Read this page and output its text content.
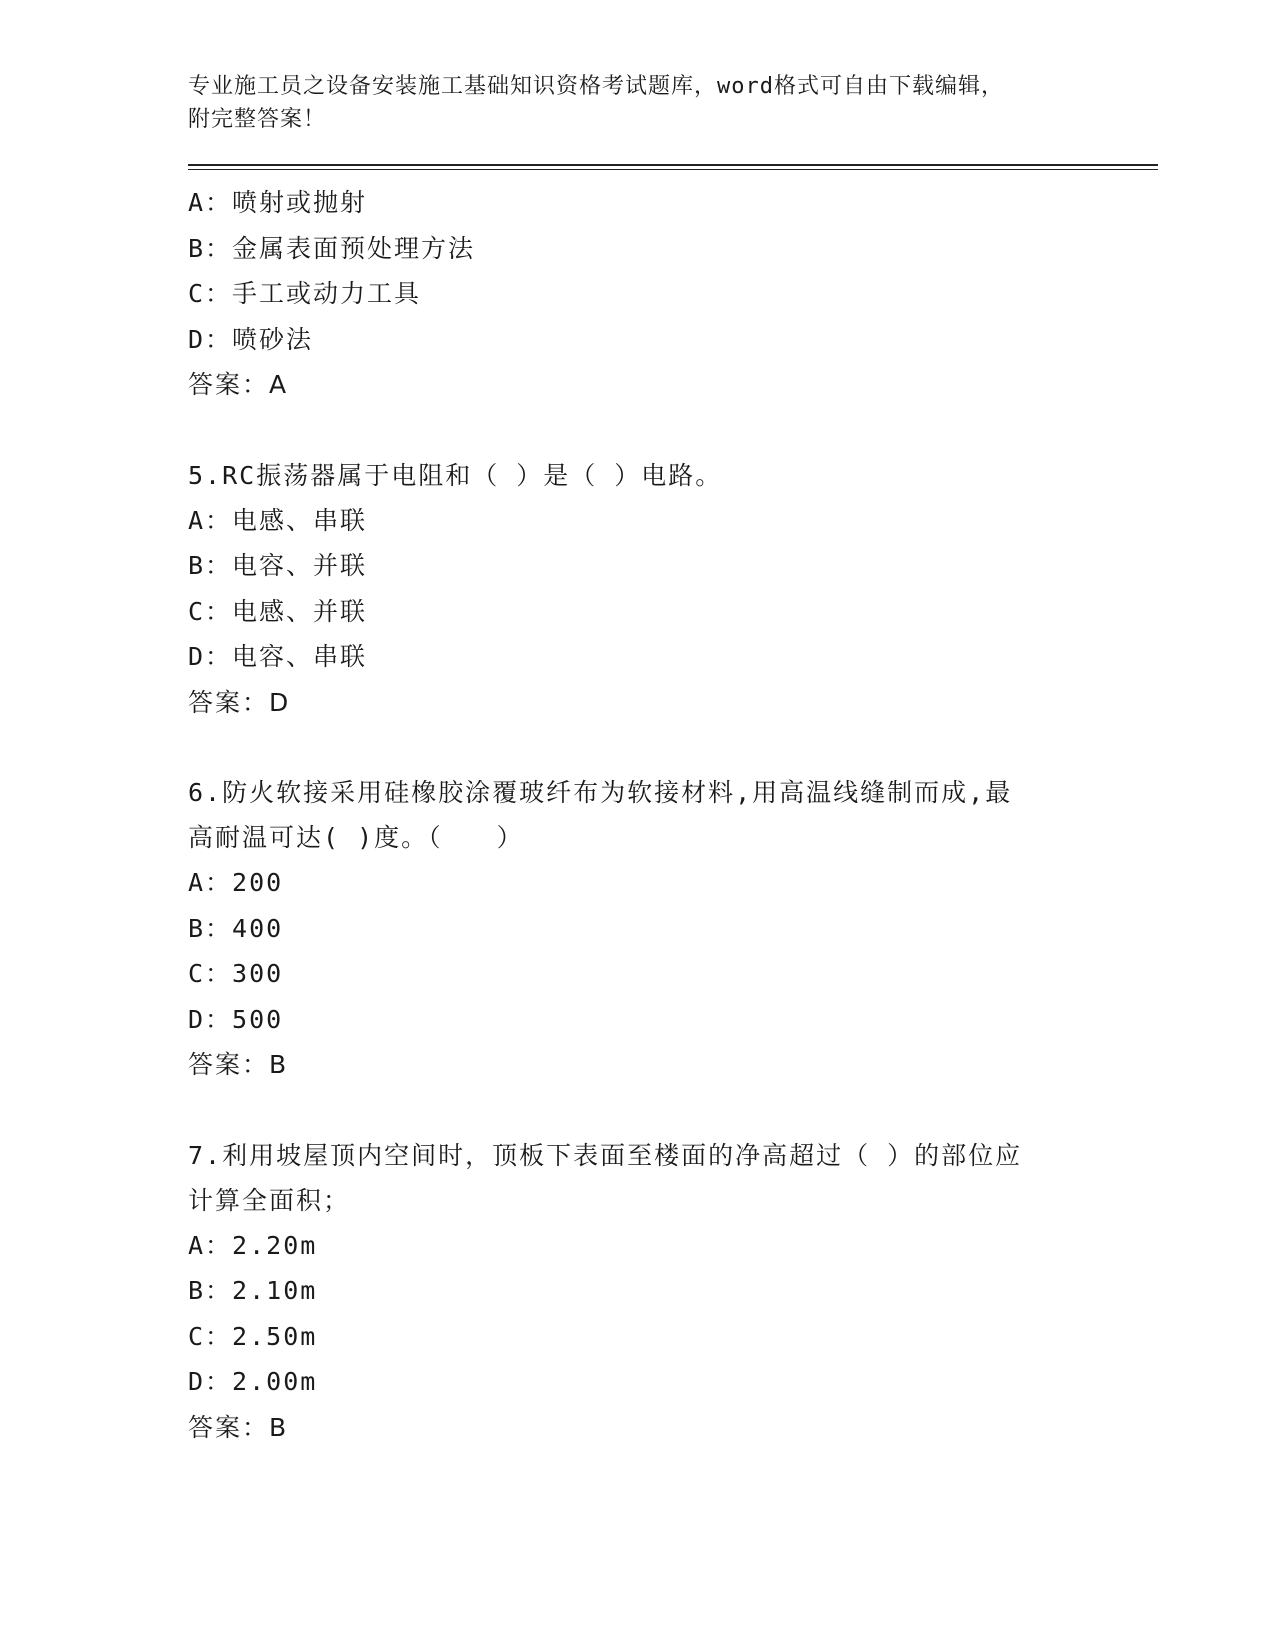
专业施工员之设备安装施工基础知识资格考试题库，word格式可自由下载编辑，

附完整答案！

A：喷射或抛射

B：金属表面预处理方法

C：手工或动力工具

D：喷砂法

答案：A

5.RC振荡器属于电阻和（ ）是（ ）电路。

A：电感、串联

B：电容、并联

C：电感、并联

D：电容、串联

答案：D

6.防火软接采用硅橡胶涂覆玻纤布为软接材料,用高温线缝制而成,最

高耐温可达( )度。（　　）

A：200

B：400

C：300

D：500

答案：B

7.利用坡屋顶内空间时，顶板下表面至楼面的净高超过（ ）的部位应

计算全面积；

A：2.20m

B：2.10m

C：2.50m

D：2.00m

答案：B
